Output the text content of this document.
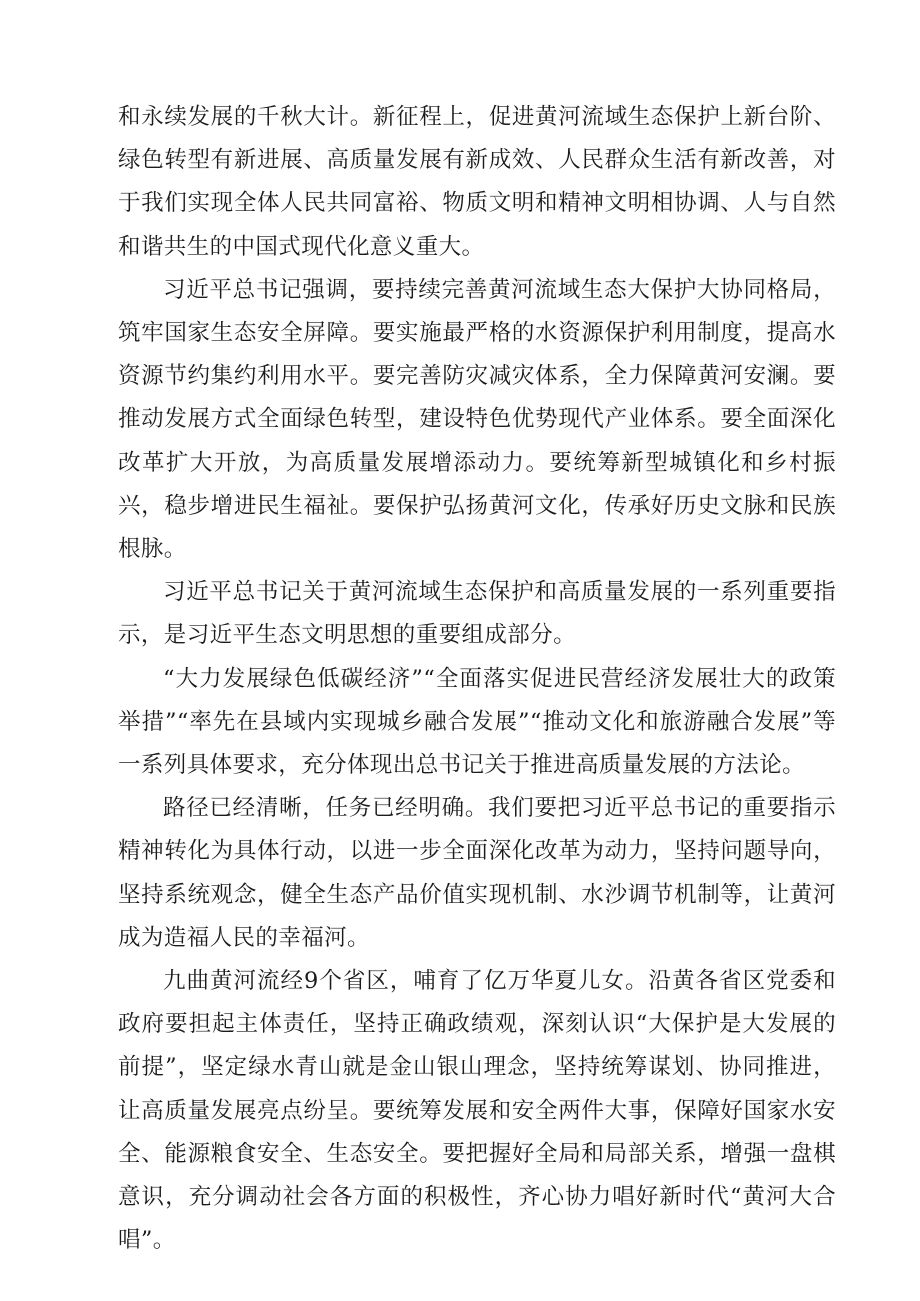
和永续发展的千秋大计。新征程上，促进黄河流域生态保护上新台阶、绿色转型有新进展、高质量发展有新成效、人民群众生活有新改善，对于我们实现全体人民共同富裕、物质文明和精神文明相协调、人与自然和谐共生的中国式现代化意义重大。

习近平总书记强调，要持续完善黄河流域生态大保护大协同格局，筑牢国家生态安全屏障。要实施最严格的水资源保护利用制度，提高水资源节约集约利用水平。要完善防灾减灾体系，全力保障黄河安澜。要推动发展方式全面绿色转型，建设特色优势现代产业体系。要全面深化改革扩大开放，为高质量发展增添动力。要统筹新型城镇化和乡村振兴，稳步增进民生福祉。要保护弘扬黄河文化，传承好历史文脉和民族根脉。

习近平总书记关于黄河流域生态保护和高质量发展的一系列重要指示，是习近平生态文明思想的重要组成部分。

“大力发展绿色低碳经济”“全面落实促进民营经济发展壮大的政策举措”“率先在县域内实现城乡融合发展”“推动文化和旅游融合发展”等一系列具体要求，充分体现出总书记关于推进高质量发展的方法论。

路径已经清晰，任务已经明确。我们要把习近平总书记的重要指示精神转化为具体行动，以进一步全面深化改革为动力，坚持问题导向，坚持系统观念，健全生态产品价值实现机制、水沙调节机制等，让黄河成为造福人民的幸福河。

九曲黄河流经9个省区，哺育了亿万华夏儿女。沿黄各省区党委和政府要担起主体责任，坚持正确政绩观，深刻认识“大保护是大发展的前提”，坚定绿水青山就是金山银山理念，坚持统筹谋划、协同推进，让高质量发展亮点纷呈。要统筹发展和安全两件大事，保障好国家水安全、能源粮食安全、生态安全。要把握好全局和局部关系，增强一盘棋意识，充分调动社会各方面的积极性，齐心协力唱好新时代“黄河大合唱”。
